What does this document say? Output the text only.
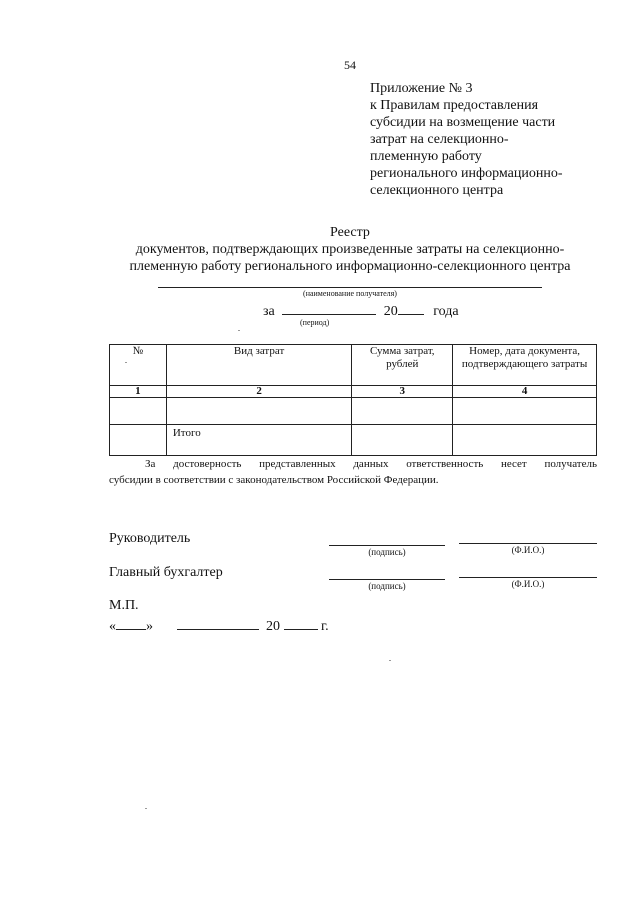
54
Приложение № 3
к Правилам предоставления
субсидии на возмещение части
затрат на селекционно-
племенную работу
регионального информационно-
селекционного центра
Реестр
документов, подтверждающих произведенные затраты на селекционно-
племенную работу регионального информационно-селекционного центра
(наименование получателя)
за	20	года
(период)
№	Вид затрат	Сумма затрат, рублей	Номер, дата документа, подтверждающего затраты
1	2	3	4

	Итого		
За достоверность представленных данных ответственность несет получатель
субсидии в соответствии с законодательством Российской Федерации.
Руководитель
(подпись)	(Ф.И.О.)
Главный бухгалтер
(подпись)	(Ф.И.О.)
М.П.
« »	20	г.
